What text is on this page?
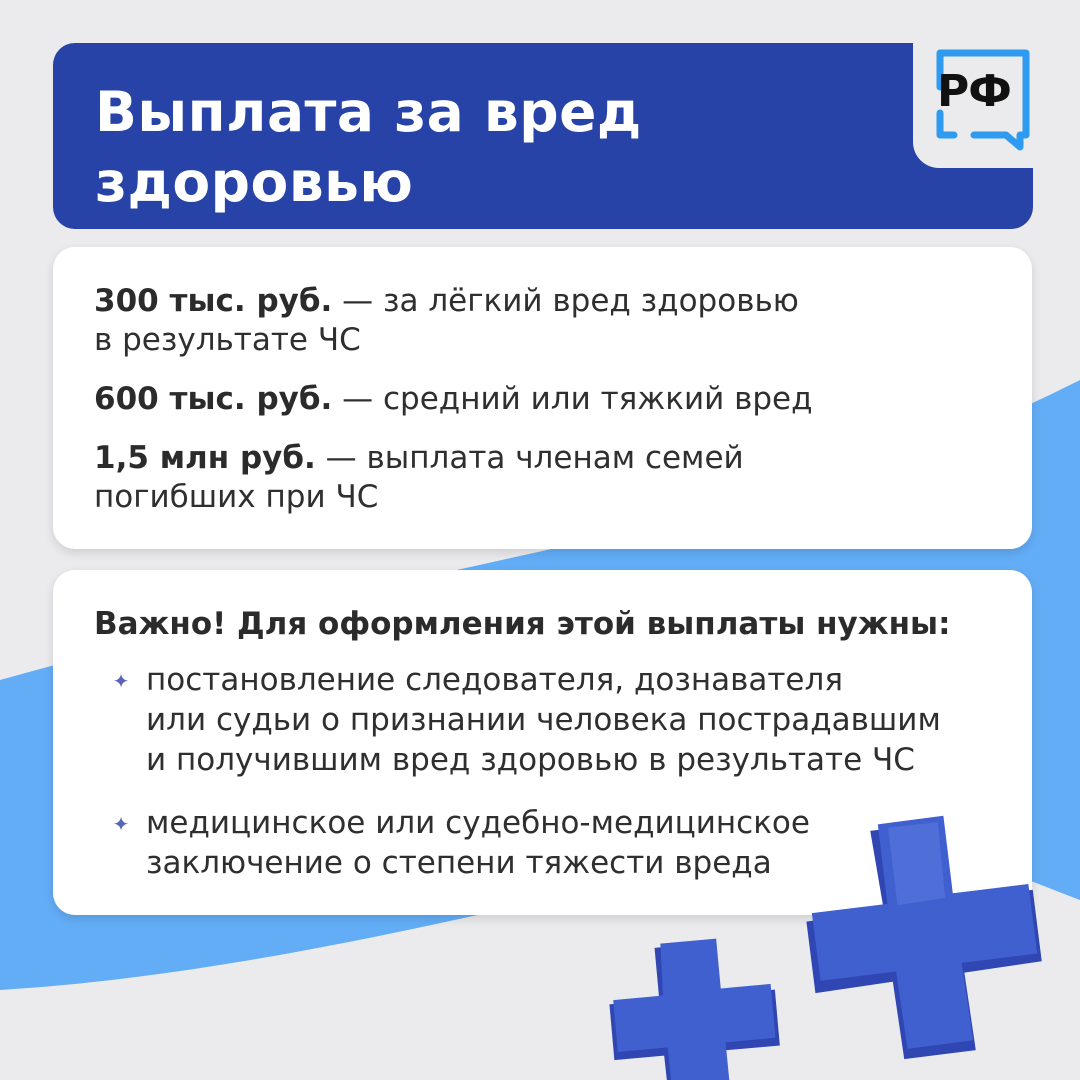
Выплата за вред
здоровью
РФ
300 тыс. руб. — за лёгкий вред здоровью
в результате ЧС
600 тыс. руб. — средний или тяжкий вред
1,5 млн руб. — выплата членам семей
погибших при ЧС
Важно! Для оформления этой выплаты нужны:
✦ постановление следователя, дознавателя
или судьи о признании человека пострадавшим
и получившим вред здоровью в результате ЧС
✦ медицинское или судебно-медицинское
заключение о степени тяжести вреда
